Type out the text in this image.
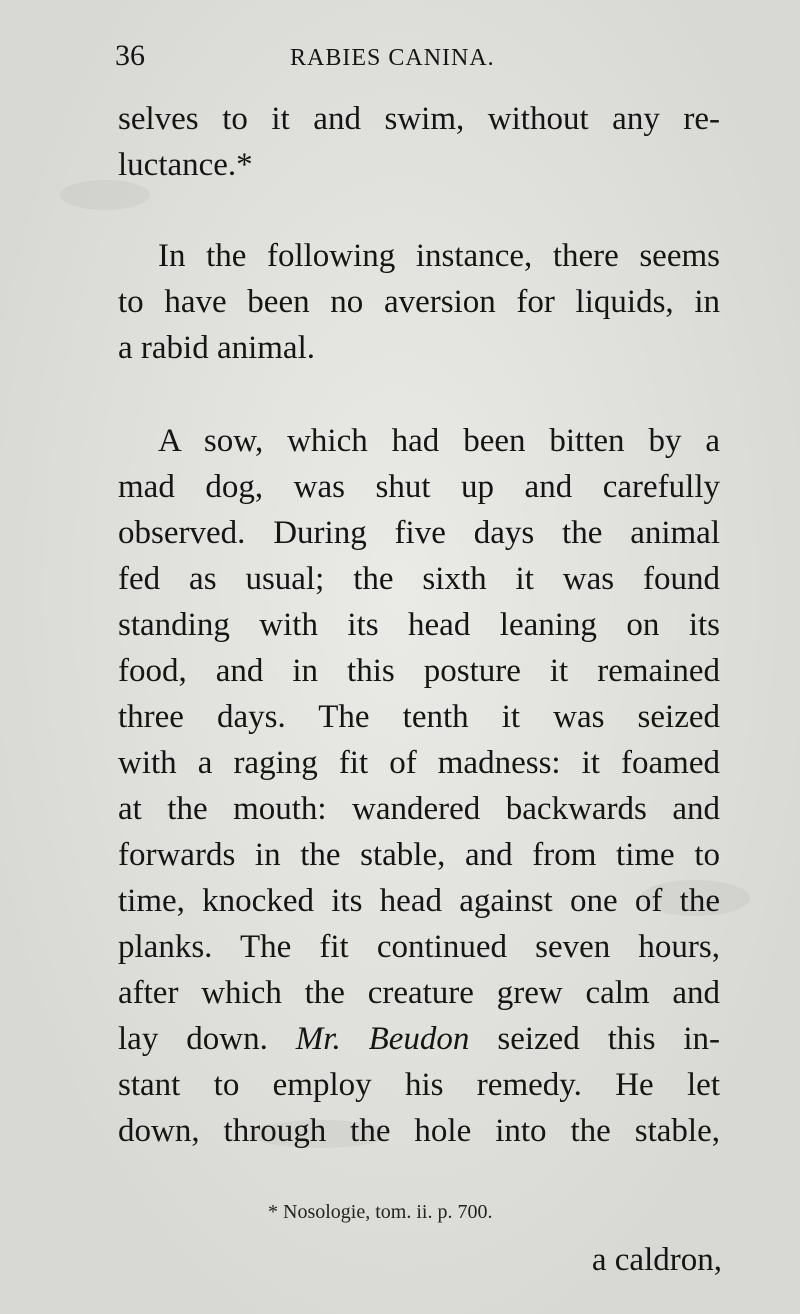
36	RABIES CANINA.
selves to it and swim, without any re-
luctance.*
In the following instance, there seems
to have been no aversion for liquids, in
a rabid animal.
A sow, which had been bitten by a
mad dog, was shut up and carefully
observed. During five days the animal
fed as usual; the sixth it was found
standing with its head leaning on its
food, and in this posture it remained
three days. The tenth it was seized
with a raging fit of madness: it foamed
at the mouth: wandered backwards and
forwards in the stable, and from time to
time, knocked its head against one of the
planks. The fit continued seven hours,
after which the creature grew calm and
lay down. Mr. Beudon seized this in-
stant to employ his remedy. He let
down, through the hole into the stable,
* Nosologie, tom. ii. p. 700.
a caldron,
